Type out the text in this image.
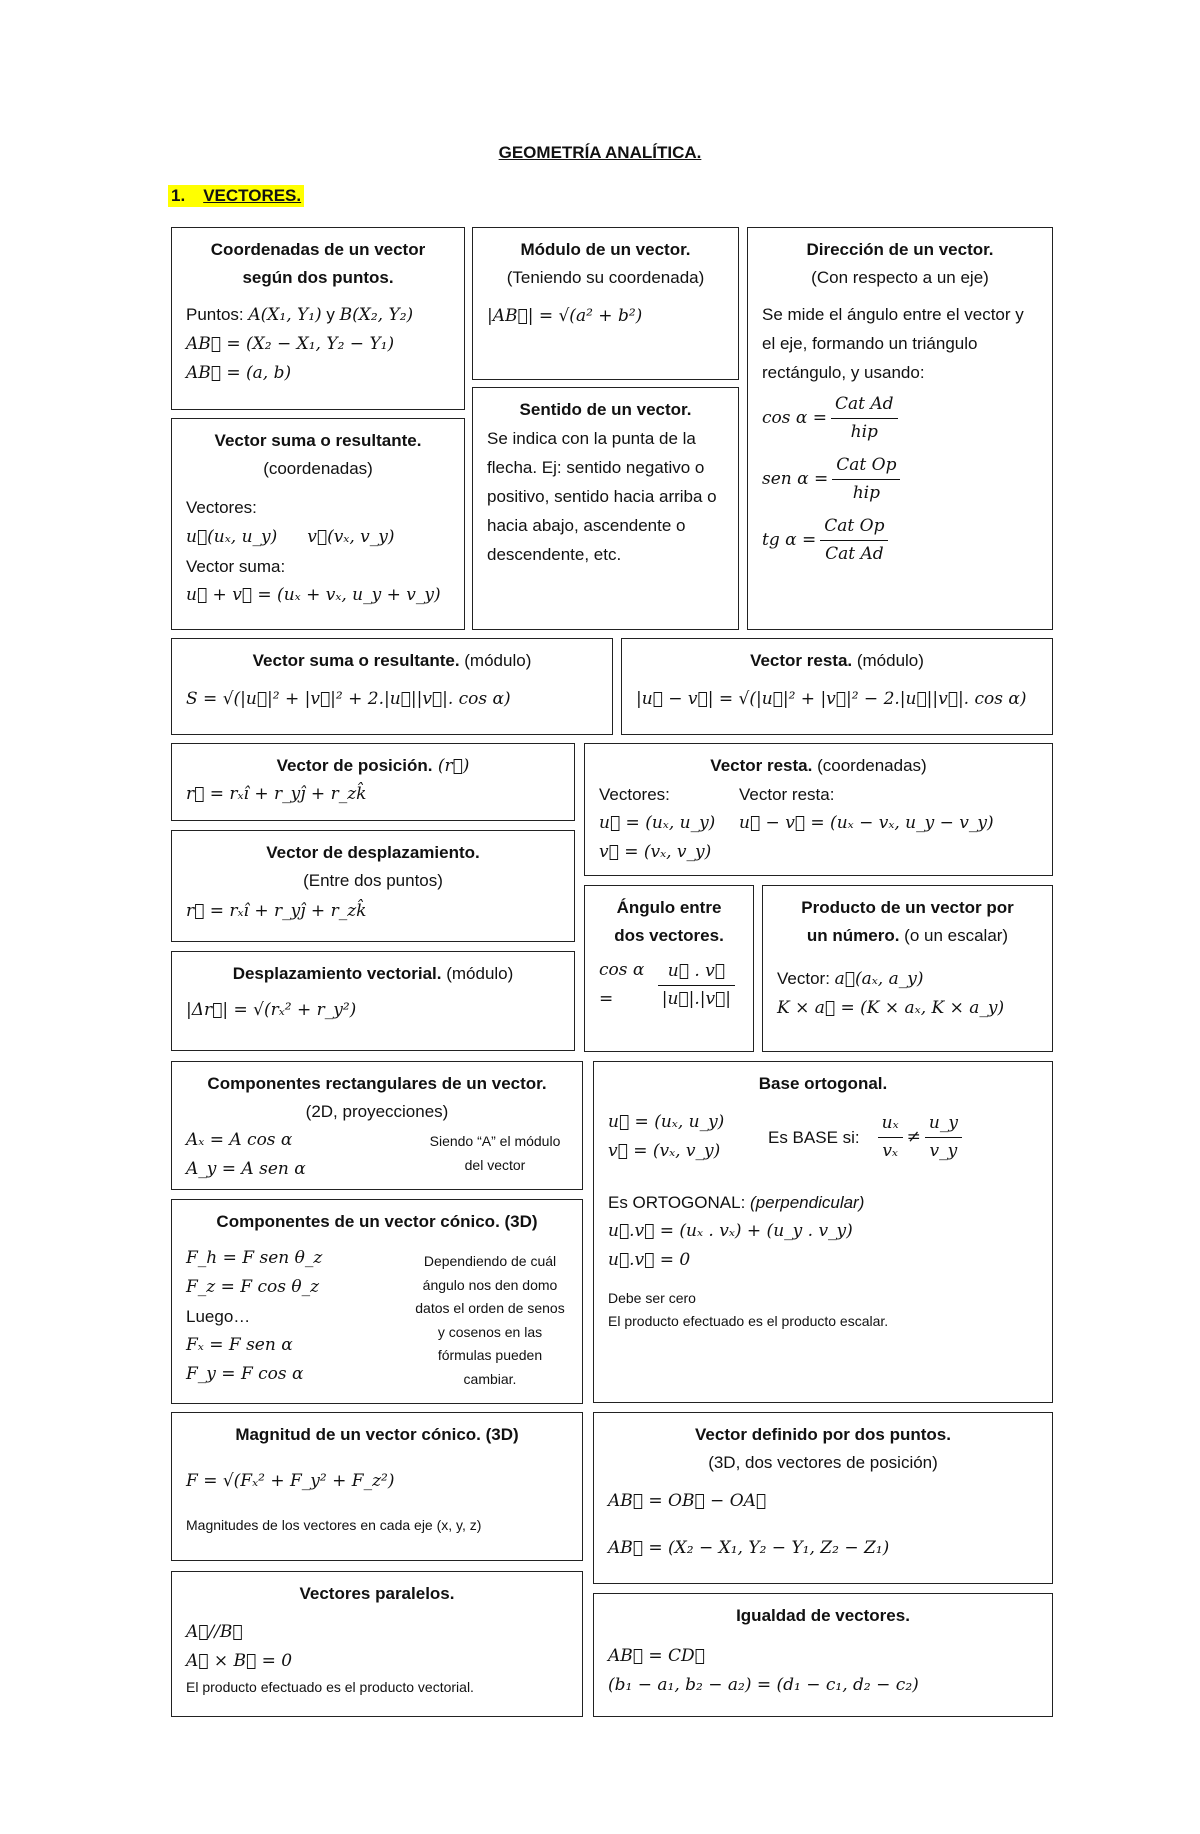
GEOMETRÍA ANALÍTICA.
1. VECTORES.
Coordenadas de un vector
según dos puntos.
Puntos: A(X₁, Y₁) y B(X₂, Y₂)
AB⃗ = (X₂ − X₁, Y₂ − Y₁)
AB⃗ = (a, b)
Módulo de un vector.
(Teniendo su coordenada)
|AB⃗| = √(a² + b²)
Dirección de un vector.
(Con respecto a un eje)
Se mide el ángulo entre el vector y el eje, formando un triángulo rectángulo, y usando:
$\cos \alpha = \frac{\text{Cat Ad}}{\text{hip}}$
sen $\alpha = \frac{\text{Cat Op}}{\text{hip}}$
tg $\alpha = \frac{\text{Cat Op}}{\text{Cat Ad}}$
Sentido de un vector.
Se indica con la punta de la flecha. Ej: sentido negativo o positivo, sentido hacia arriba o hacia abajo, ascendente o descendente, etc.
Vector suma o resultante.
(coordenadas)
Vectores:
u⃗(uₓ, u_y) v⃗(vₓ, v_y)
Vector suma:
u⃗ + v⃗ = (uₓ + vₓ, u_y + v_y)
Vector suma o resultante. (módulo)
S = √(|u⃗|² + |v⃗|² + 2.|u⃗||v⃗|. cos α)
Vector resta. (módulo)
|u⃗ − v⃗| = √(|u⃗|² + |v⃗|² − 2.|u⃗||v⃗|. cos α)
Vector de posición. (r⃗)
r⃗ = rₓî + r_yĵ + r_zk̂
Vector resta. (coordenadas)
Vectores:
u⃗ = (uₓ, u_y)
v⃗ = (vₓ, v_y)
Vector resta:
u⃗ − v⃗ = (uₓ − vₓ, u_y − v_y)
Vector de desplazamiento.
(Entre dos puntos)
r⃗ = rₓî + r_yĵ + r_zk̂	Ángulo entre
dos vectores.
cos α =	$\frac{u⃗ . v⃗}{|u⃗|.|v⃗|}$
Producto de un vector por
un número. (o un escalar)
Vector: a⃗(aₓ, a_y)
K × a⃗ = (K × aₓ, K × a_y)
Desplazamiento vectorial. (módulo)
|Δr⃗| = √(rₓ² + r_y²)
Componentes rectangulares de un vector.
(2D, proyecciones)
Aₓ = A cos α
A_y = A sen α
Siendo “A” el módulo del vector
Base ortogonal.
u⃗ = (uₓ, u_y)
v⃗ = (vₓ, v_y)
Es BASE si: $\frac{\text{uₓ}}{\text{vₓ}} \ne \frac{u\_y}{v\_y}$
Es ORTOGONAL: (perpendicular)
u⃗.v⃗ = (uₓ . vₓ) + (u_y . v_y)
u⃗.v⃗ = 0
Debe ser cero
El producto efectuado es el producto escalar.
Componentes de un vector cónico. (3D)
F_h = F sen θ_z
F_z = F cos θ_z
Luego…
Fₓ = F sen α
F_y = F cos α
Dependiendo de cuál ángulo nos den domo datos el orden de senos y cosenos en las fórmulas pueden cambiar.
Magnitud de un vector cónico. (3D)
F = √(Fₓ² + F_y² + F_z²)
Magnitudes de los vectores en cada eje (x, y, z)
Vector definido por dos puntos.
(3D, dos vectores de posición)
AB⃗ = OB⃗ − OA⃗
AB⃗ = (X₂ − X₁, Y₂ − Y₁, Z₂ − Z₁)
Vectores paralelos.
A⃗//B⃗
A⃗ × B⃗ = 0
El producto efectuado es el producto vectorial.
Igualdad de vectores.
AB⃗ = CD⃗
(b₁ − a₁, b₂ − a₂) = (d₁ − c₁, d₂ − c₂)
